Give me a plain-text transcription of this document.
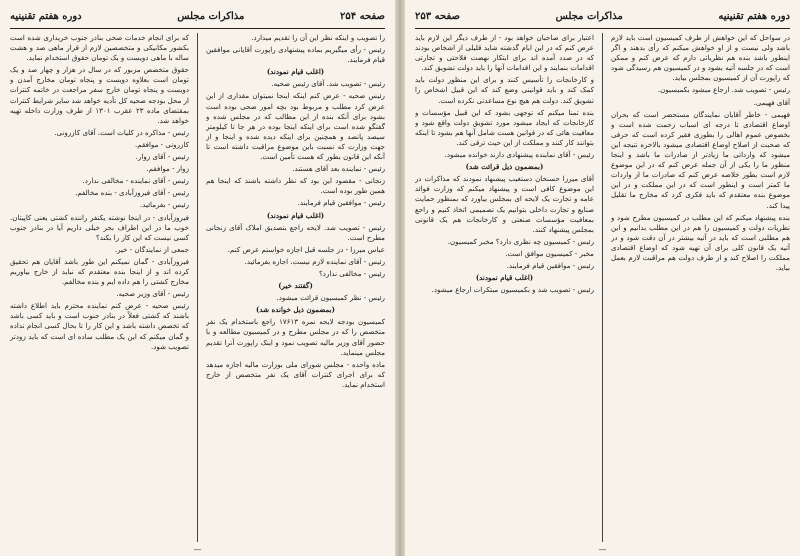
صفحه ۲۵۴
مذاکرات مجلس
دوره هفتم تقنینیه

را تصویب و اینکه نظر این آن را تقدیم میدارد.

رئیس - رأی میگیریم بماده پیشنهادی راپورت آقایانی موافقین قیام فرمایند.

(اغلب قیام نمودند)

رئیس - تصویب شد. آقای رئیس صحیه.

رئیس صحیه - عرض کنم اینکه اینجا نمیتوان مقداری از این عرض کرد مطلب و مربوط بود بچه امور صحی بوده است بشود برای آنکه بنده از این مطالب که در مجلس شده و گفتگو شده است برای اینکه اینجا بوده در هر جا تا کیلومتر سیصد پانصد و همچنین برای اینکه دیده شده و اینجا و از جهت وزارت که نسبت باین موضوع مراقبت داشته است تا آنکه این قانون بطور که هست تأمین است.

رئیس - نماینده بعد آقای هستند.

زنجانی - مقصود این بود که نظر داشته باشند که اینجا هم همین طور بوده است.

رئیس - موافقین قیام فرمایند.

(اغلب قیام نمودند)

رئیس - تصویب شد. لایحه راجع بتصدیق املاک آقای زنجانی مطرح است.

عباس میرزا - در جلسه قبل اجازه خواستم عرض کنم.

رئیس - آقای نماینده لازم نیست. اجازه بفرمائید.

رئیس - مخالفی ندارد؟

(گفتند خیر)

رئیس - نظر کمیسیون قرائت میشود.

(بمضمون ذیل خوانده شد)

کمیسیون بودجه لایحه نمره ۱۷۶۱۳ راجع باستخدام یک نفر متخصص را که در مجلس مطرح و در کمیسیون مطالعه و با حضور آقای وزیر مالیه تصویب نمود و اینک راپورت آنرا تقدیم مجلس مینماید.

ماده واحده - مجلس شورای ملی بوزارت مالیه اجازه میدهد که برای اجرای کنترات آقای یک نفر متخصص از خارج استخدام نماید.

که برای انجام خدمات صحی بنادر جنوب خریداری شده است بکشور مکانیکی و متخصصین لازم از قرار ماهی صد و هشت ساله با ماهی دویست و یک تومان حقوق استخدام نماید.

حقوق متخصص مزبور که در سال در هزار و چهار صد و یک تومان است بعلاوه دویست و پنجاه تومان مخارج آمدن و دویست و پنجاه تومان خارج سفر مراجعت در خاتمه کنترات از محل بودجه صحیه کل تأدیه خواهد شد سایر شرایط کنترات بمقتضای ماده ۲۳ عقرب ۱۳۰۱ از طرف وزارت داخله تهیه خواهد شد.

رئیس - مذاکره در کلیات است. آقای کازرونی.

کازرونی - موافقم.

رئیس - آقای زوار.

زوار - موافقم.

رئیس - آقای نماینده - مخالفی ندارد.

رئیس - آقای فیروزآبادی - بنده مخالفم.

رئیس - بفرمائید.

فیروزآبادی - در اینجا نوشته یکنفر راننده کشتی یعنی کاپیتان. خوب ما در این اطراف بحر خیلی داریم آیا در بنادر جنوب کسی نیست که این کار را بکند؟

جمعی از نمایندگان - خیر.

فیروزآبادی - گمان نمیکنم این طور باشد آقایان هم تحقیق کرده اند و از اینجا بنده معتقدم که نباید از خارج بیاوریم مخارج کشتی را هم داده ایم و بنده مخالفم.

رئیس - آقای وزیر صحیه.

رئیس صحیه - عرض کنم نماینده محترم باید اطلاع داشته باشند که کشتی فعلاً در بنادر جنوب است و باید کسی باشد که تخصص داشته باشد و این کار را تا بحال کسی انجام نداده و گمان میکنم که این یک مطلب ساده ای است که باید زودتر تصویب شود.

—
دوره هفتم تقنینیه
مذاکرات مجلس
صفحه ۲۵۳

در سواحل که این خواهش از طرف کمیسیون است باید لازم باشد ولی نیست و از او خواهش میکنم که رأی بدهند و اگر اینطور باشد بنده هم نظریاتی دارم که عرض کنم و ممکن است که در جلسه آتیه بشود و در کمیسیون هم رسیدگی شود که راپورت آن از کمیسیون بمجلس بیاید.

رئیس - تصویب شد. ارجاع میشود بکمیسیون.

آقای فهیمی.

فهیمی - خاطر آقایان نمایندگان مستحضر است که بحران اوضاع اقتصادی تا درجه ای اسباب زحمت شده است و بخصوص عموم اهالی را بطوری فقیر کرده است که حرفی که صحبت از اصلاح اوضاع اقتصادی میشود بالاخره نتیجه این میشود که وارداتی ما زیادتر از صادرات ما باشد و اینجا منظور ما را یکی از آن جمله عرض کنم که در این موضوع لازم است بطور خلاصه عرض کنم که صادرات ما از واردات ما کمتر است و اینطور است که در این مملکت و در این موضوع بنده معتقدم که باید فکری کرد که مخارج ما تقلیل پیدا کند.

بنده پیشنهاد میکنم که این مطلب در کمیسیون مطرح شود و نظریات دولت و کمیسیون را هم در این مطلب بدانیم و این هم مطلبی است که باید در آتیه بیشتر در آن دقت شود و در آتیه یک قانون کلی برای آن تهیه شود که اوضاع اقتصادی مملکت را اصلاح کند و از طرف دولت هم مراقبت لازم بعمل بیاید.

اعتبار برای صاحبان خواهد بود - از طرف دیگر این لازم باید عرض کنم که در این ایام گذشته شاید قلیلی از اشخاص بودند که در صدد آمده اند برای ابتکار نهضت فلاحتی و تجارتی اقدامات بنمایند و این اقدامات آنها را باید دولت تشویق کند.

و کارخانجات را تأسیس کنند و برای این منظور دولت باید کمک کند و باید قوانینی وضع کند که این قبیل اشخاص را تشویق کند. دولت هم هیچ نوع مساعدتی نکرده است.

بنده تمنا میکنم که توجهی بشود که این قبیل مؤسسات و کارخانجات که ایجاد میشود مورد تشویق دولت واقع شود و معافیت هائی که در قوانین هست شامل آنها هم بشود تا اینکه بتوانند کار کنند و مملکت از این حیث ترقی کند.

رئیس - آقای نماینده پیشنهادی دارند خوانده میشود.

(بمضمون ذیل قرائت شد)

آقای میرزا حسنخان دستغیب پیشنهاد نمودند که مذاکرات در این موضوع کافی است و پیشنهاد میکنم که وزارت فوائد عامه و تجارت یک لایحه ای بمجلس بیاورد که بمنظور حمایت صنایع و تجارت داخلی بتوانیم یک تصمیمی اتخاذ کنیم و راجع بمعافیت مؤسسات صنعتی و کارخانجات هم یک قانونی بمجلس پیشنهاد کنند.

رئیس - کمیسیون چه نظری دارد؟ مخبر کمیسیون.

مخبر - کمیسیون موافق است.

رئیس - موافقین قیام فرمایند.

(اغلب قیام نمودند)

رئیس - تصویب شد و بکمیسیون مبتکرات ارجاع میشود.

—
